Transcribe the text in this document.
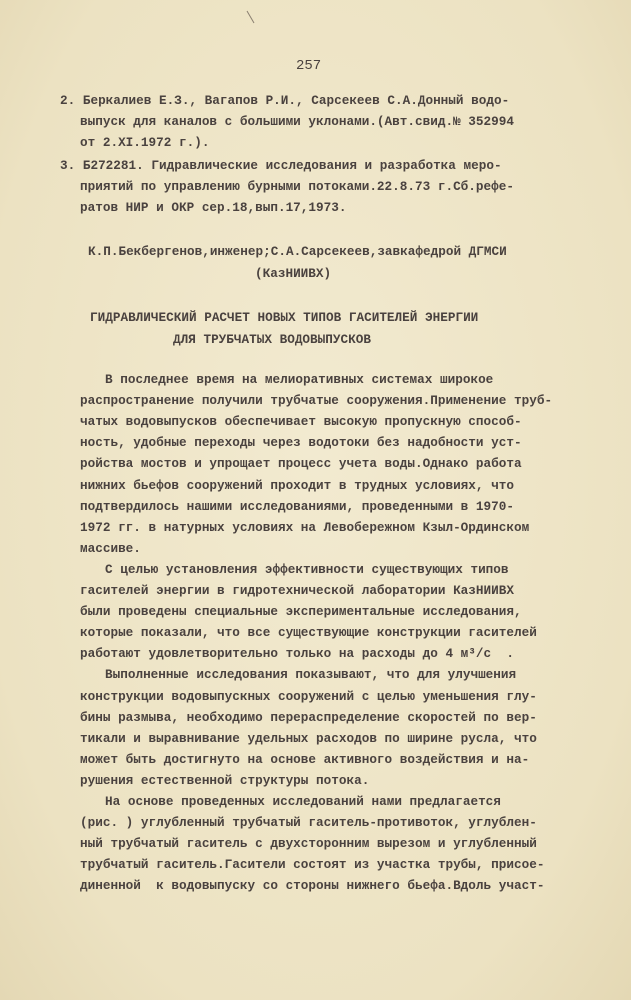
257
2. Беркалиев Е.З., Вагапов Р.И., Сарсекеев С.А.Донный водо-
выпуск для каналов с большими уклонами.(Авт.свид.№ 352994
от 2.XI.1972 г.).
3. Б272281. Гидравлические исследования и разработка меро-
приятий по управлению бурными потоками.22.8.73 г.Сб.рефе-
ратов НИР и ОКР сер.18,вып.17,1973.
К.П.Бекбергенов,инженер;С.А.Сарсекеев,завкафедрой ДГМСИ
(КазНИИВХ)
ГИДРАВЛИЧЕСКИЙ РАСЧЕТ НОВЫХ ТИПОВ ГАСИТЕЛЕЙ ЭНЕРГИИ
ДЛЯ ТРУБЧАТЫХ ВОДОВЫПУСКОВ
В последнее время на мелиоративных системах широкое
распространение получили трубчатые сооружения.Применение труб-
чатых водовыпусков обеспечивает высокую пропускную способ-
ность, удобные переходы через водотоки без надобности уст-
ройства мостов и упрощает процесс учета воды.Однако работа
нижних бьефов сооружений проходит в трудных условиях, что
подтвердилось нашими исследованиями, проведенными в 1970-
1972 гг. в натурных условиях на Левобережном Кзыл-Ординском
массиве.
С целью установления эффективности существующих типов
гасителей энергии в гидротехнической лаборатории КазНИИВХ
были проведены специальные экспериментальные исследования,
которые показали, что все существующие конструкции гасителей
работают удовлетворительно только на расходы до 4 м³/с  .
Выполненные исследования показывают, что для улучшения
конструкции водовыпускных сооружений с целью уменьшения глу-
бины размыва, необходимо перераспределение скоростей по вер-
тикали и выравнивание удельных расходов по ширине русла, что
может быть достигнуто на основе активного воздействия и на-
рушения естественной структуры потока.
На основе проведенных исследований нами предлагается
(рис. ) углубленный трубчатый гаситель-противоток, углублен-
ный трубчатый гаситель с двухсторонним вырезом и углубленный
трубчатый гаситель.Гасители состоят из участка трубы, присое-
диненной  к водовыпуску со стороны нижнего бьефа.Вдоль участ-
